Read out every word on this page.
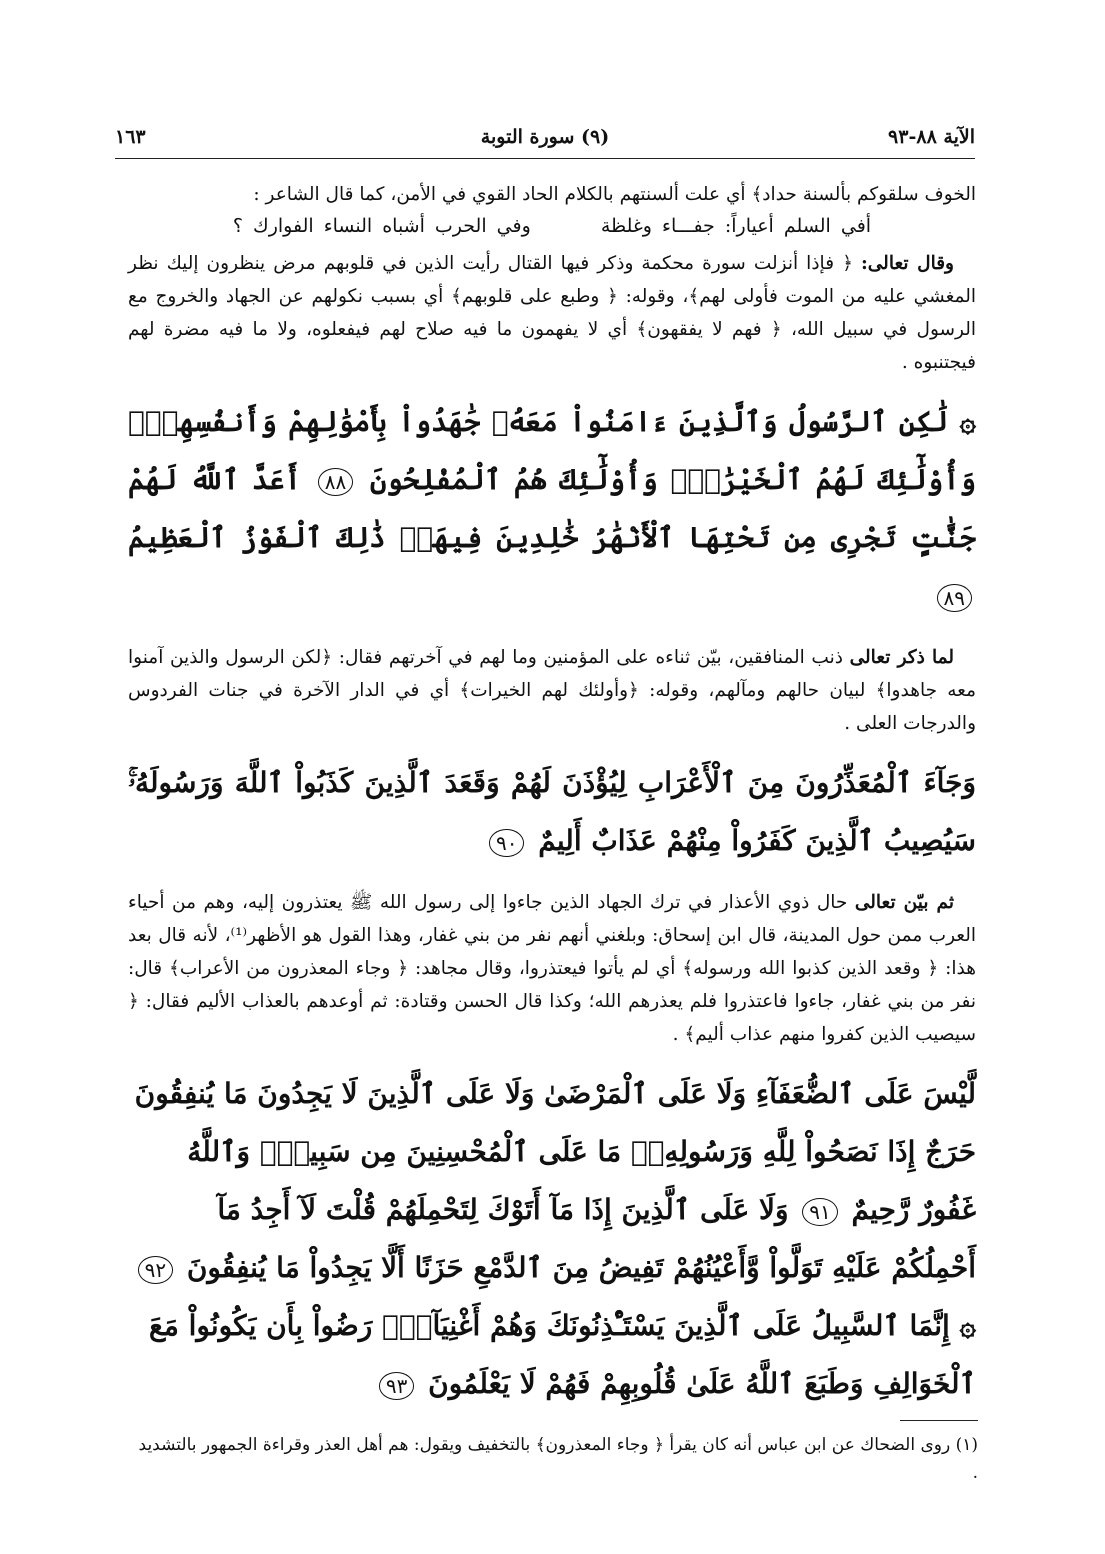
الآية ٨٨-٩٣
(٩) سورة التوبة
١٦٣

الخوف سلقوكم بألسنة حداد﴾ أي علت ألسنتهم بالكلام الحاد القوي في الأمن، كما قال الشاعر :

أفي السلم أعياراً: جفـــاء وغلظة وفي الحرب أشباه النساء الفوارك ؟

وقال تعالى: ﴿ فإذا أنزلت سورة محكمة وذكر فيها القتال رأيت الذين في قلوبهم مرض ينظرون إليك نظر المغشي عليه من الموت فأولى لهم﴾، وقوله: ﴿ وطبع على قلوبهم﴾ أي بسبب نكولهم عن الجهاد والخروج مع الرسول في سبيل الله، ﴿ فهم لا يفقهون﴾ أي لا يفهمون ما فيه صلاح لهم فيفعلوه، ولا ما فيه مضرة لهم فيجتنبوه .

۞ لَٰكِنِ ٱلرَّسُولُ وَٱلَّذِينَ ءَامَنُواْ مَعَهُۥ جَٰهَدُواْ بِأَمْوَٰلِهِمْ وَأَنفُسِهِمْۚ وَأُوْلَٰٓئِكَ لَهُمُ ٱلْخَيْرَٰتُۖ وَأُوْلَٰٓئِكَ هُمُ ٱلْمُفْلِحُونَ ٨٨ أَعَدَّ ٱللَّهُ لَهُمْ جَنَّٰتٍ تَجْرِى مِن تَحْتِهَا ٱلْأَنْهَٰرُ خَٰلِدِينَ فِيهَاۚ ذَٰلِكَ ٱلْفَوْزُ ٱلْعَظِيمُ ٨٩

لما ذكر تعالى ذنب المنافقين، بيّن ثناءه على المؤمنين وما لهم في آخرتهم فقال: ﴿لكن الرسول والذين آمنوا معه جاهدوا﴾ لبيان حالهم ومآلهم، وقوله: ﴿وأولئك لهم الخيرات﴾ أي في الدار الآخرة في جنات الفردوس والدرجات العلى .

وَجَآءَ ٱلْمُعَذِّرُونَ مِنَ ٱلْأَعْرَابِ لِيُؤْذَنَ لَهُمْ وَقَعَدَ ٱلَّذِينَ كَذَبُواْ ٱللَّهَ وَرَسُولَهُۥۚ سَيُصِيبُ ٱلَّذِينَ كَفَرُواْ مِنْهُمْ عَذَابٌ أَلِيمٌ ٩٠

ثم بيّن تعالى حال ذوي الأعذار في ترك الجهاد الذين جاءوا إلى رسول الله ﷺ يعتذرون إليه، وهم من أحياء العرب ممن حول المدينة، قال ابن إسحاق: وبلغني أنهم نفر من بني غفار، وهذا القول هو الأظهر⁽¹⁾، لأنه قال بعد هذا: ﴿ وقعد الذين كذبوا الله ورسوله﴾ أي لم يأتوا فيعتذروا، وقال مجاهد: ﴿ وجاء المعذرون من الأعراب﴾ قال: نفر من بني غفار، جاءوا فاعتذروا فلم يعذرهم الله؛ وكذا قال الحسن وقتادة: ثم أوعدهم بالعذاب الأليم فقال: ﴿ سيصيب الذين كفروا منهم عذاب أليم﴾ .

لَّيْسَ عَلَى ٱلضُّعَفَآءِ وَلَا عَلَى ٱلْمَرْضَىٰ وَلَا عَلَى ٱلَّذِينَ لَا يَجِدُونَ مَا يُنفِقُونَ حَرَجٌ إِذَا نَصَحُواْ لِلَّهِ وَرَسُولِهِۦۚ مَا عَلَى ٱلْمُحْسِنِينَ مِن سَبِيلٍۚ وَٱللَّهُ غَفُورٌ رَّحِيمٌ ٩١ وَلَا عَلَى ٱلَّذِينَ إِذَا مَآ أَتَوْكَ لِتَحْمِلَهُمْ قُلْتَ لَآ أَجِدُ مَآ أَحْمِلُكُمْ عَلَيْهِ تَوَلَّواْ وَّأَعْيُنُهُمْ تَفِيضُ مِنَ ٱلدَّمْعِ حَزَنًا أَلَّا يَجِدُواْ مَا يُنفِقُونَ ٩٢ ۞ إِنَّمَا ٱلسَّبِيلُ عَلَى ٱلَّذِينَ يَسْتَـْٔذِنُونَكَ وَهُمْ أَغْنِيَآءُۚ رَضُواْ بِأَن يَكُونُواْ مَعَ ٱلْخَوَالِفِ وَطَبَعَ ٱللَّهُ عَلَىٰ قُلُوبِهِمْ فَهُمْ لَا يَعْلَمُونَ ٩٣

(١) روى الضحاك عن ابن عباس أنه كان يقرأ ﴿ وجاء المعذرون﴾ بالتخفيف ويقول: هم أهل العذر وقراءة الجمهور بالتشديد .
